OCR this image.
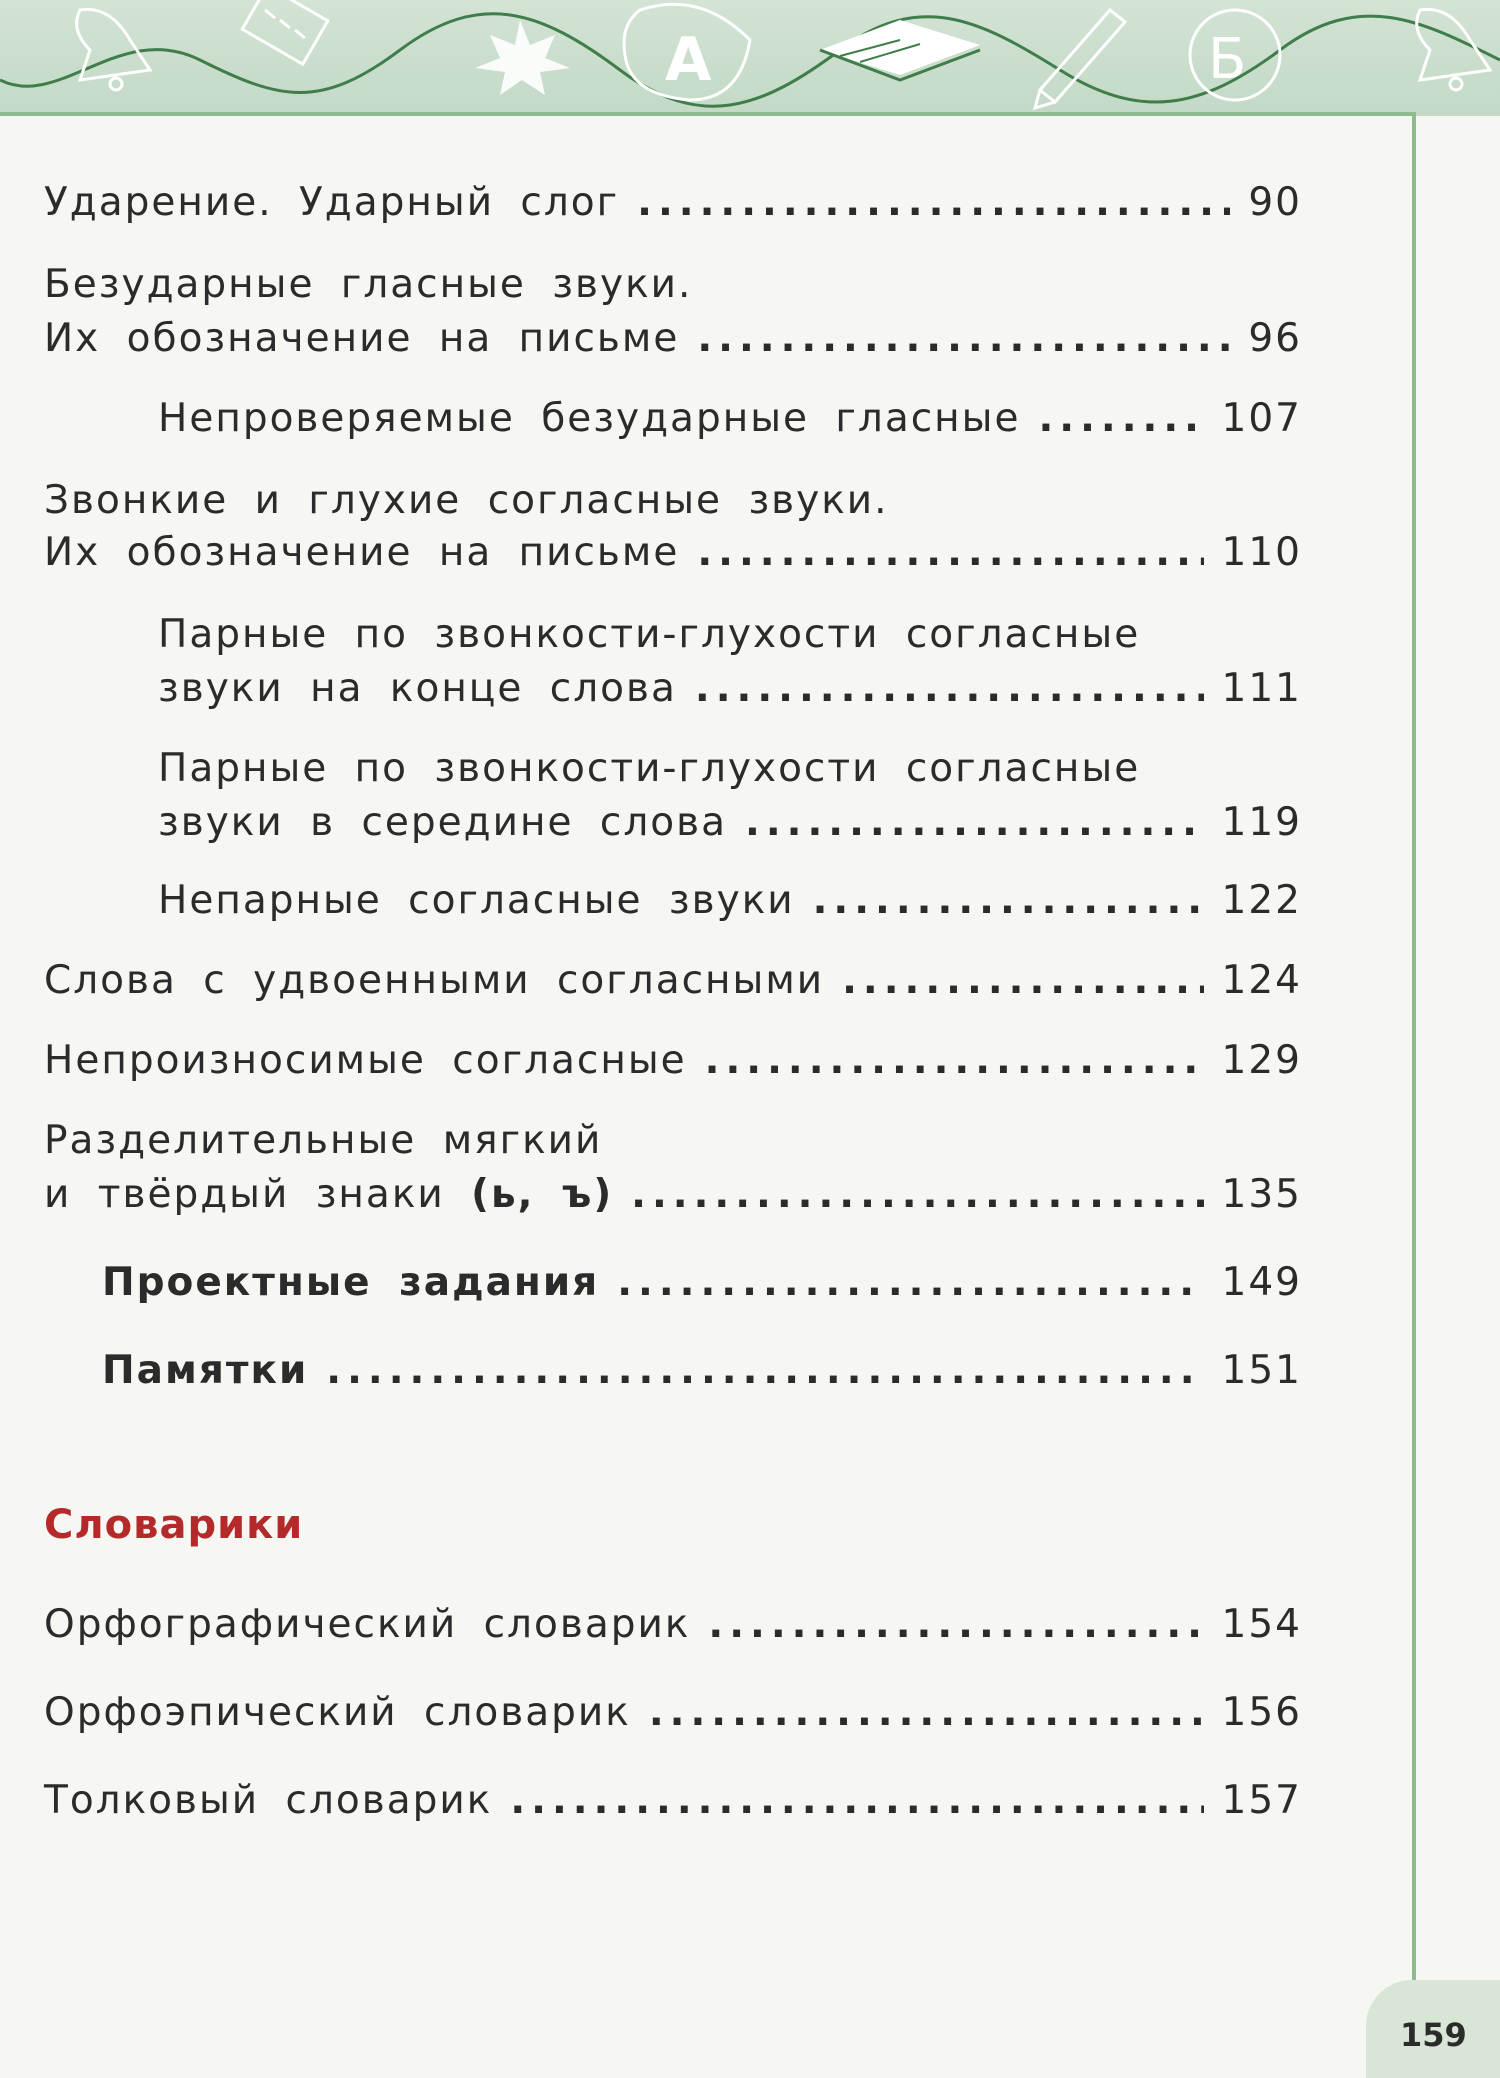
А	Б
Ударение. Ударный слог .....	90
Безударные гласные звуки.
Их обозначение на письме .....	96
Непроверяемые безударные гласные .....	107
Звонкие и глухие согласные звуки.
Их обозначение на письме .....	110
Парные по звонкости-глухости согласные
звуки на конце слова .....	111
Парные по звонкости-глухости согласные
звуки в середине слова .....	119
Непарные согласные звуки .....	122
Слова с удвоенными согласными .....	124
Непроизносимые согласные .....	129
Разделительные мягкий
и твёрдый знаки (ь, ъ) .....	135
Проектные задания .....	149
Памятки .....	151
Словарики
Орфографический словарик .....	154
Орфоэпический словарик .....	156
Толковый словарик .....	157
159
